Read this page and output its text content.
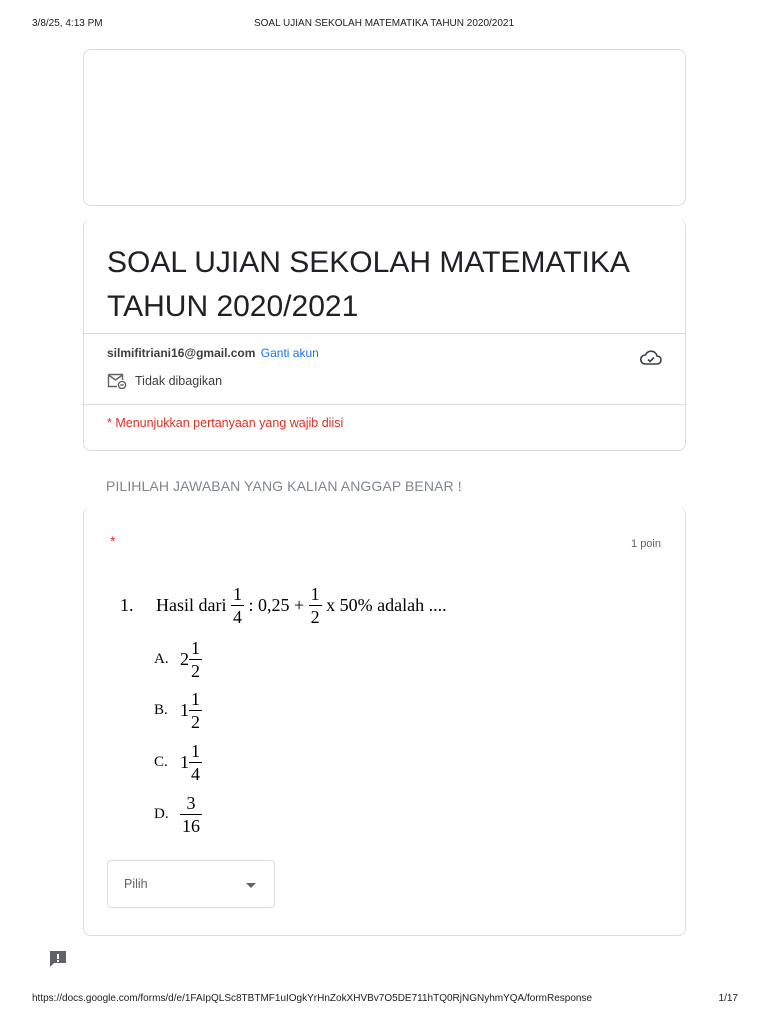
3/8/25, 4:13 PM	SOAL UJIAN SEKOLAH MATEMATIKA TAHUN 2020/2021
SOAL UJIAN SEKOLAH MATEMATIKA TAHUN 2020/2021
silmifitriani16@gmail.com Ganti akun
Tidak dibagikan
* Menunjukkan pertanyaan yang wajib diisi
PILIHLAH JAWABAN YANG KALIAN ANGGAP BENAR !
*	1 poin
1.	Hasil dari
$\frac{1}{4}$
: 0,25 +
$\frac{1}{2}$
x 50% adalah ....
A. $2 \frac{1}{2}$
B. $1 \frac{1}{2}$
C. $1 \frac{1}{4}$
D. $\frac{3}{16}$
Pilih
https://docs.google.com/forms/d/e/1FAIpQLSc8TBTMF1uIOgkYrHnZokXHVBv7O5DE711hTQ0RjNGNyhmYQA/formResponse	1/17
